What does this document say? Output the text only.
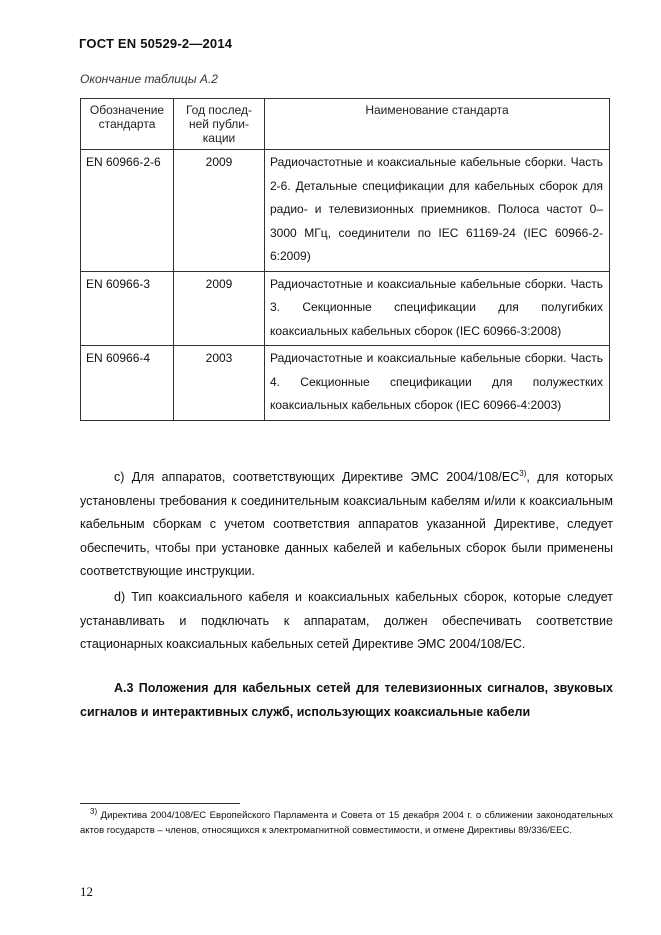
ГОСТ EN 50529-2—2014
Окончание таблицы А.2
Обозначение стандарта	Год послед-ней публи-кации	Наименование стандарта
EN 60966-2-6	2009	Радиочастотные и коаксиальные кабельные сборки. Часть 2-6. Детальные спецификации для кабельных сборок для радио- и телевизионных приемников. Полоса частот 0–3000 МГц, соединители по IEC 61169-24 (IEC 60966-2-6:2009)
EN 60966-3	2009	Радиочастотные и коаксиальные кабельные сборки. Часть 3. Секционные спецификации для полугибких коаксиальных кабельных сборок (IEC 60966-3:2008)
EN 60966-4	2003	Радиочастотные и коаксиальные кабельные сборки. Часть 4. Секционные спецификации для полужестких коаксиальных кабельных сборок (IEC 60966-4:2003)

c) Для аппаратов, соответствующих Директиве ЭМС 2004/108/ЕС$^{3)}$, для которых установлены требования к соединительным коаксиальным кабелям и/или к коаксиальным кабельным сборкам с учетом соответствия аппаратов указанной Директиве, следует обеспечить, чтобы при установке данных кабелей и кабельных сборок были применены соответствующие инструкции.

d) Тип коаксиального кабеля и коаксиальных кабельных сборок, которые следует устанавливать и подключать к аппаратам, должен обеспечивать соответствие стационарных коаксиальных кабельных сетей Директиве ЭМС 2004/108/ЕС.

А.3 Положения для кабельных сетей для телевизионных сигналов, звуковых сигналов и интерактивных служб, использующих коаксиальные кабели

$^{3)}$ Директива 2004/108/ЕС Европейского Парламента и Совета от 15 декабря 2004 г. о сближении законодательных актов государств – членов, относящихся к электромагнитной совместимости, и отмене Директивы 89/336/ЕЕС.

12
